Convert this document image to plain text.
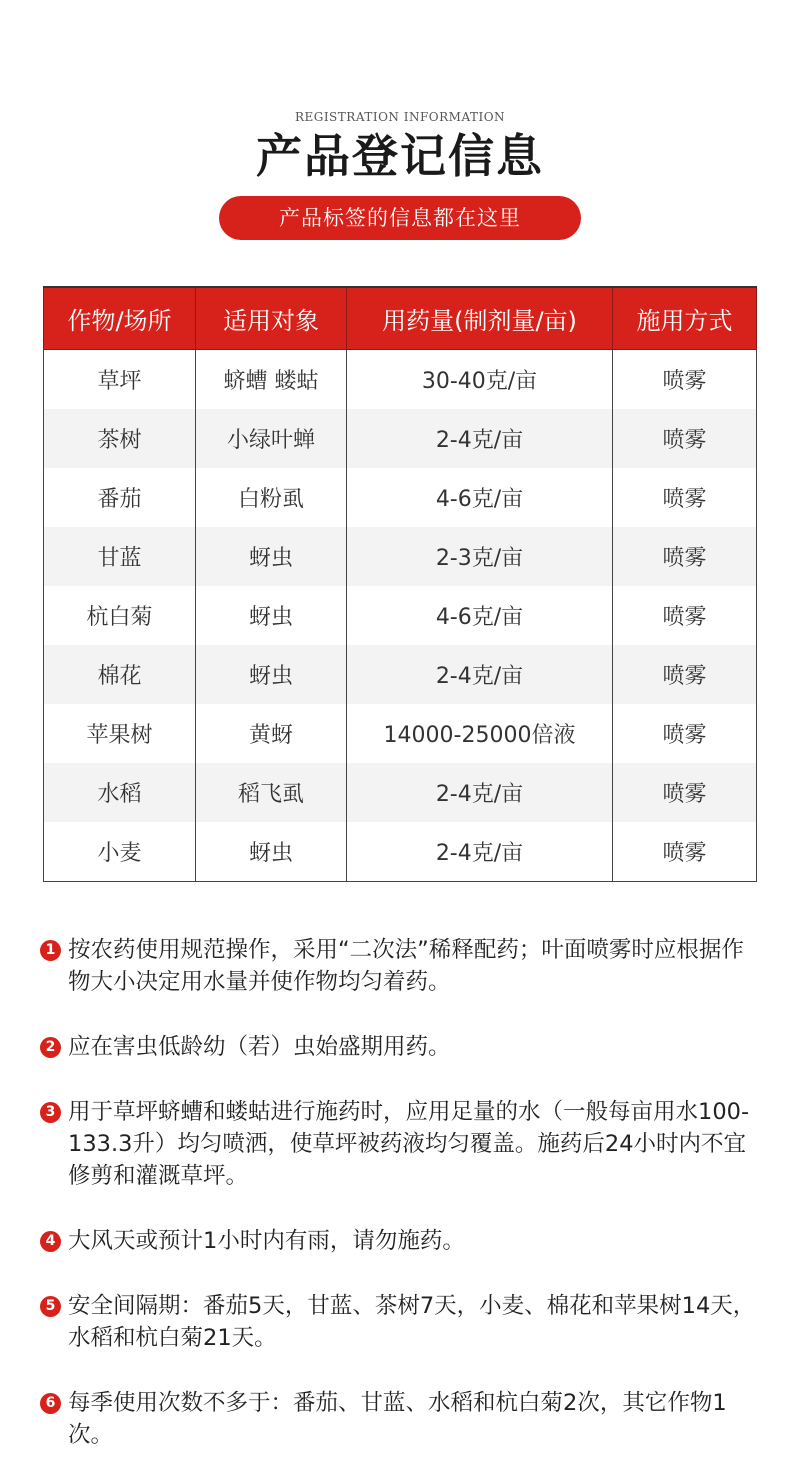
REGISTRATION INFORMATION
产品登记信息
产品标签的信息都在这里
作物/场所	适用对象	用药量(制剂量/亩)	施用方式
草坪	蛴螬 蝼蛄	30-40克/亩	喷雾
茶树	小绿叶蝉	2-4克/亩	喷雾
番茄	白粉虱	4-6克/亩	喷雾
甘蓝	蚜虫	2-3克/亩	喷雾
杭白菊	蚜虫	4-6克/亩	喷雾
棉花	蚜虫	2-4克/亩	喷雾
苹果树	黄蚜	14000-25000倍液	喷雾
水稻	稻飞虱	2-4克/亩	喷雾
小麦	蚜虫	2-4克/亩	喷雾
1 按农药使用规范操作，采用“二次法”稀释配药；叶面喷雾时应根据作物大小决定用水量并使作物均匀着药。
2 应在害虫低龄幼（若）虫始盛期用药。
3 用于草坪蛴螬和蝼蛄进行施药时，应用足量的水（一般每亩用水100-133.3升）均匀喷洒，使草坪被药液均匀覆盖。施药后24小时内不宜修剪和灌溉草坪。
4 大风天或预计1小时内有雨，请勿施药。
5 安全间隔期：番茄5天，甘蓝、茶树7天，小麦、棉花和苹果树14天，水稻和杭白菊21天。
6 每季使用次数不多于：番茄、甘蓝、水稻和杭白菊2次，其它作物1次。
